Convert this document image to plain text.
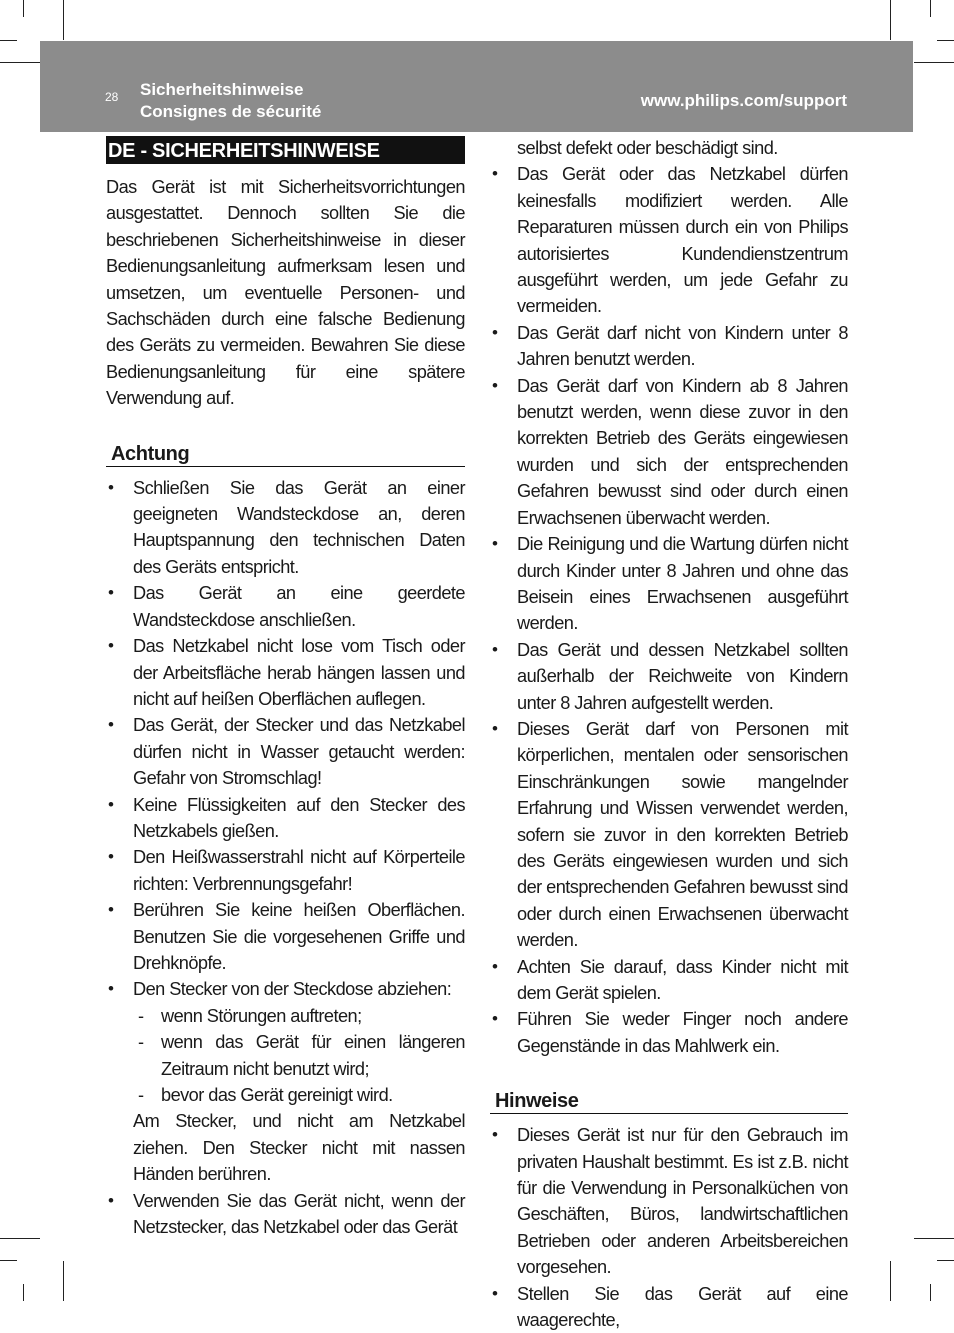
28 Sicherheitshinweise
Consignes de sécurité
www.philips.com/support
DE - SICHERHEITSHINWEISE

Das Gerät ist mit Sicherheitsvorrichtungen ausgestattet. Dennoch sollten Sie die beschriebenen Sicherheitshinweise in dieser Bedienungsanleitung aufmerksam lesen und umsetzen, um eventuelle Personen- und Sachschäden durch eine falsche Bedienung des Geräts zu vermeiden. Bewahren Sie diese Bedienungsanleitung für eine spätere Verwendung auf.

Achtung
• Schließen Sie das Gerät an einer geeigneten Wandsteckdose an, deren Hauptspannung den technischen Daten des Geräts entspricht.
• Das Gerät an eine geerdete Wandsteckdose anschließen.
• Das Netzkabel nicht lose vom Tisch oder der Arbeitsfläche herab hängen lassen und nicht auf heißen Oberflächen auflegen.
• Das Gerät, der Stecker und das Netzkabel dürfen nicht in Wasser getaucht werden: Gefahr von Stromschlag!
• Keine Flüssigkeiten auf den Stecker des Netzkabels gießen.
• Den Heißwasserstrahl nicht auf Körperteile richten: Verbrennungsgefahr!
• Berühren Sie keine heißen Oberflächen. Benutzen Sie die vorgesehenen Griffe und Drehknöpfe.
• Den Stecker von der Steckdose abziehen:
- wenn Störungen auftreten;
- wenn das Gerät für einen längeren Zeitraum nicht benutzt wird;
- bevor das Gerät gereinigt wird.
Am Stecker, und nicht am Netzkabel ziehen. Den Stecker nicht mit nassen Händen berühren.
• Verwenden Sie das Gerät nicht, wenn der Netzstecker, das Netzkabel oder das Gerät

selbst defekt oder beschädigt sind.

• Das Gerät oder das Netzkabel dürfen keinesfalls modifiziert werden. Alle Reparaturen müssen durch ein von Philips autorisiertes Kundendienstzentrum ausgeführt werden, um jede Gefahr zu vermeiden.
• Das Gerät darf nicht von Kindern unter 8 Jahren benutzt werden.
• Das Gerät darf von Kindern ab 8 Jahren benutzt werden, wenn diese zuvor in den korrekten Betrieb des Geräts eingewiesen wurden und sich der entsprechenden Gefahren bewusst sind oder durch einen Erwachsenen überwacht werden.
• Die Reinigung und die Wartung dürfen nicht durch Kinder unter 8 Jahren und ohne das Beisein eines Erwachsenen ausgeführt werden.
• Das Gerät und dessen Netzkabel sollten außerhalb der Reichweite von Kindern unter 8 Jahren aufgestellt werden.
• Dieses Gerät darf von Personen mit körperlichen, mentalen oder sensorischen Einschränkungen sowie mangelnder Erfahrung und Wissen verwendet werden, sofern sie zuvor in den korrekten Betrieb des Geräts eingewiesen wurden und sich der entsprechenden Gefahren bewusst sind oder durch einen Erwachsenen überwacht werden.
• Achten Sie darauf, dass Kinder nicht mit dem Gerät spielen.
• Führen Sie weder Finger noch andere Gegenstände in das Mahlwerk ein.
Hinweise
• Dieses Gerät ist nur für den Gebrauch im privaten Haushalt bestimmt. Es ist z.B. nicht für die Verwendung in Personalküchen von Geschäften, Büros, landwirtschaftlichen Betrieben oder anderen Arbeitsbereichen vorgesehen.
• Stellen Sie das Gerät auf eine waagerechte,
